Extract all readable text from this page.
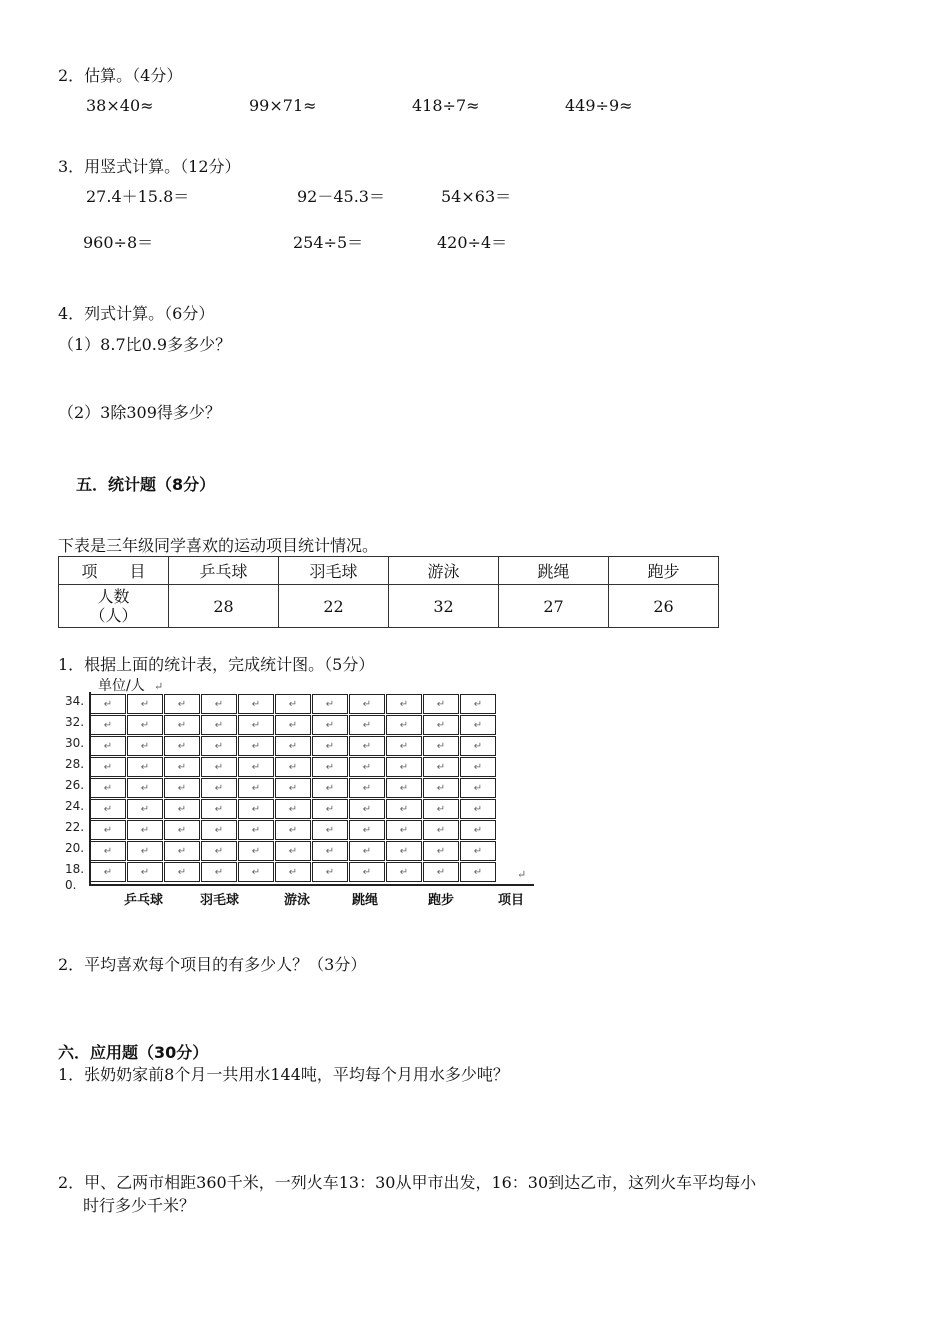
2．估算。（4分）
38×40≈	99×71≈	418÷7≈	449÷9≈
3．用竖式计算。（12分）
27.4＋15.8＝	92－45.3＝	54×63＝
960÷8＝	254÷5＝	420÷4＝
4．列式计算。（6分）
（1）8.7比0.9多多少？
（2）3除309得多少？
五．统计题（8分）
下表是三年级同学喜欢的运动项目统计情况。
项　　目	乒乓球	羽毛球	游泳	跳绳	跑步
人数
（人）	28	22	32	27	26
1．根据上面的统计表，完成统计图。（5分）
单位/人 ↵
↵	↵	↵	↵	↵	↵	↵	↵	↵	↵	↵
↵	↵	↵	↵	↵	↵	↵	↵	↵	↵	↵
↵	↵	↵	↵	↵	↵	↵	↵	↵	↵	↵
↵	↵	↵	↵	↵	↵	↵	↵	↵	↵	↵
↵	↵	↵	↵	↵	↵	↵	↵	↵	↵	↵
↵	↵	↵	↵	↵	↵	↵	↵	↵	↵	↵
↵	↵	↵	↵	↵	↵	↵	↵	↵	↵	↵
↵	↵	↵	↵	↵	↵	↵	↵	↵	↵	↵
↵	↵	↵	↵	↵	↵	↵	↵	↵	↵	↵
34.
32.
30.
28.
26.
24.
22.
20.
18.
0.
乒乓球	羽毛球	游泳	跳绳	跑步	项目
↵
2．平均喜欢每个项目的有多少人？（3分）
六．应用题（30分）
1．张奶奶家前8个月一共用水144吨，平均每个月用水多少吨？
2．甲、乙两市相距360千米，一列火车13：30从甲市出发，16：30到达乙市，这列火车平均每小
时行多少千米？
